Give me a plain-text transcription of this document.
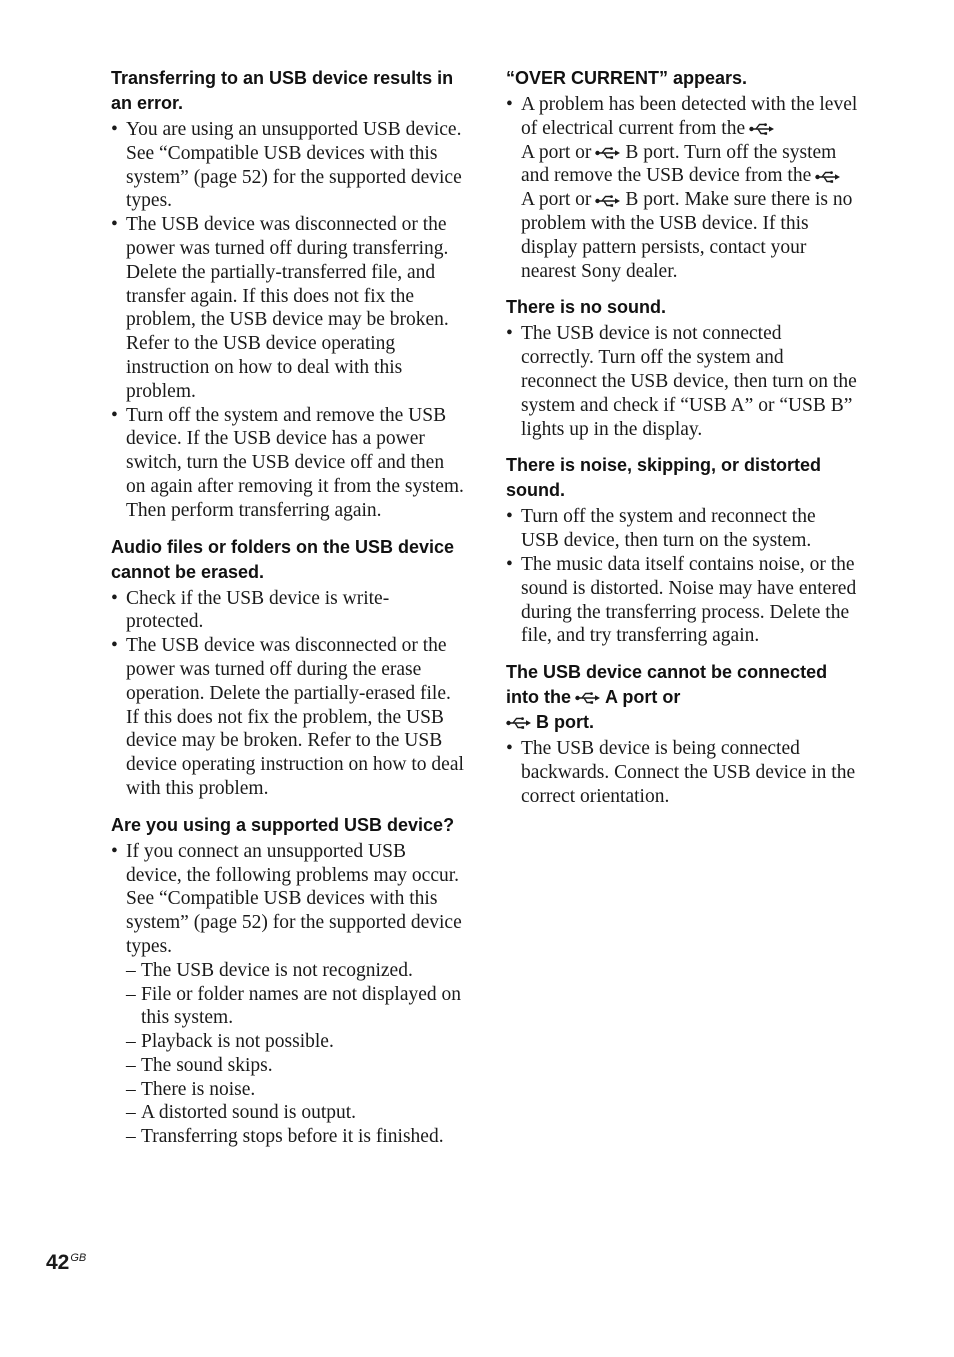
Transferring to an USB device results in an error.

• You are using an unsupported USB device. See “Compatible USB devices with this system” (page 52) for the supported device types.

• The USB device was disconnected or the power was turned off during transferring. Delete the partially-transferred file, and transfer again. If this does not fix the problem, the USB device may be broken. Refer to the USB device operating instruction on how to deal with this problem.

• Turn off the system and remove the USB device. If the USB device has a power switch, turn the USB device off and then on again after removing it from the system. Then perform transferring again.

Audio files or folders on the USB device cannot be erased.

• Check if the USB device is write-protected.

• The USB device was disconnected or the power was turned off during the erase operation. Delete the partially-erased file. If this does not fix the problem, the USB device may be broken. Refer to the USB device operating instruction on how to deal with this problem.

Are you using a supported USB device?

• If you connect an unsupported USB device, the following problems may occur. See “Compatible USB devices with this system” (page 52) for the supported device types.

– The USB device is not recognized.

– File or folder names are not displayed on this system.

– Playback is not possible.

– The sound skips.

– There is noise.

– A distorted sound is output.

– Transferring stops before it is finished.

“OVER CURRENT” appears.

• A problem has been detected with the level of electrical current from the
A port or B port. Turn off the system and remove the USB device from theA port or B port. Make sure there is no problem with the USB device. If this display pattern persists, contact your nearest Sony dealer.

There is no sound.

• The USB device is not connected correctly. Turn off the system and reconnect the USB device, then turn on the system and check if “USB A” or “USB B” lights up in the display.

There is noise, skipping, or distorted sound.

• Turn off the system and reconnect the USB device, then turn on the system.

• The music data itself contains noise, or the sound is distorted. Noise may have entered during the transferring process. Delete the file, and try transferring again.

The USB device cannot be connected into the A port or
B port.

• The USB device is being connected backwards. Connect the USB device in the correct orientation.

$42^{GB}$
